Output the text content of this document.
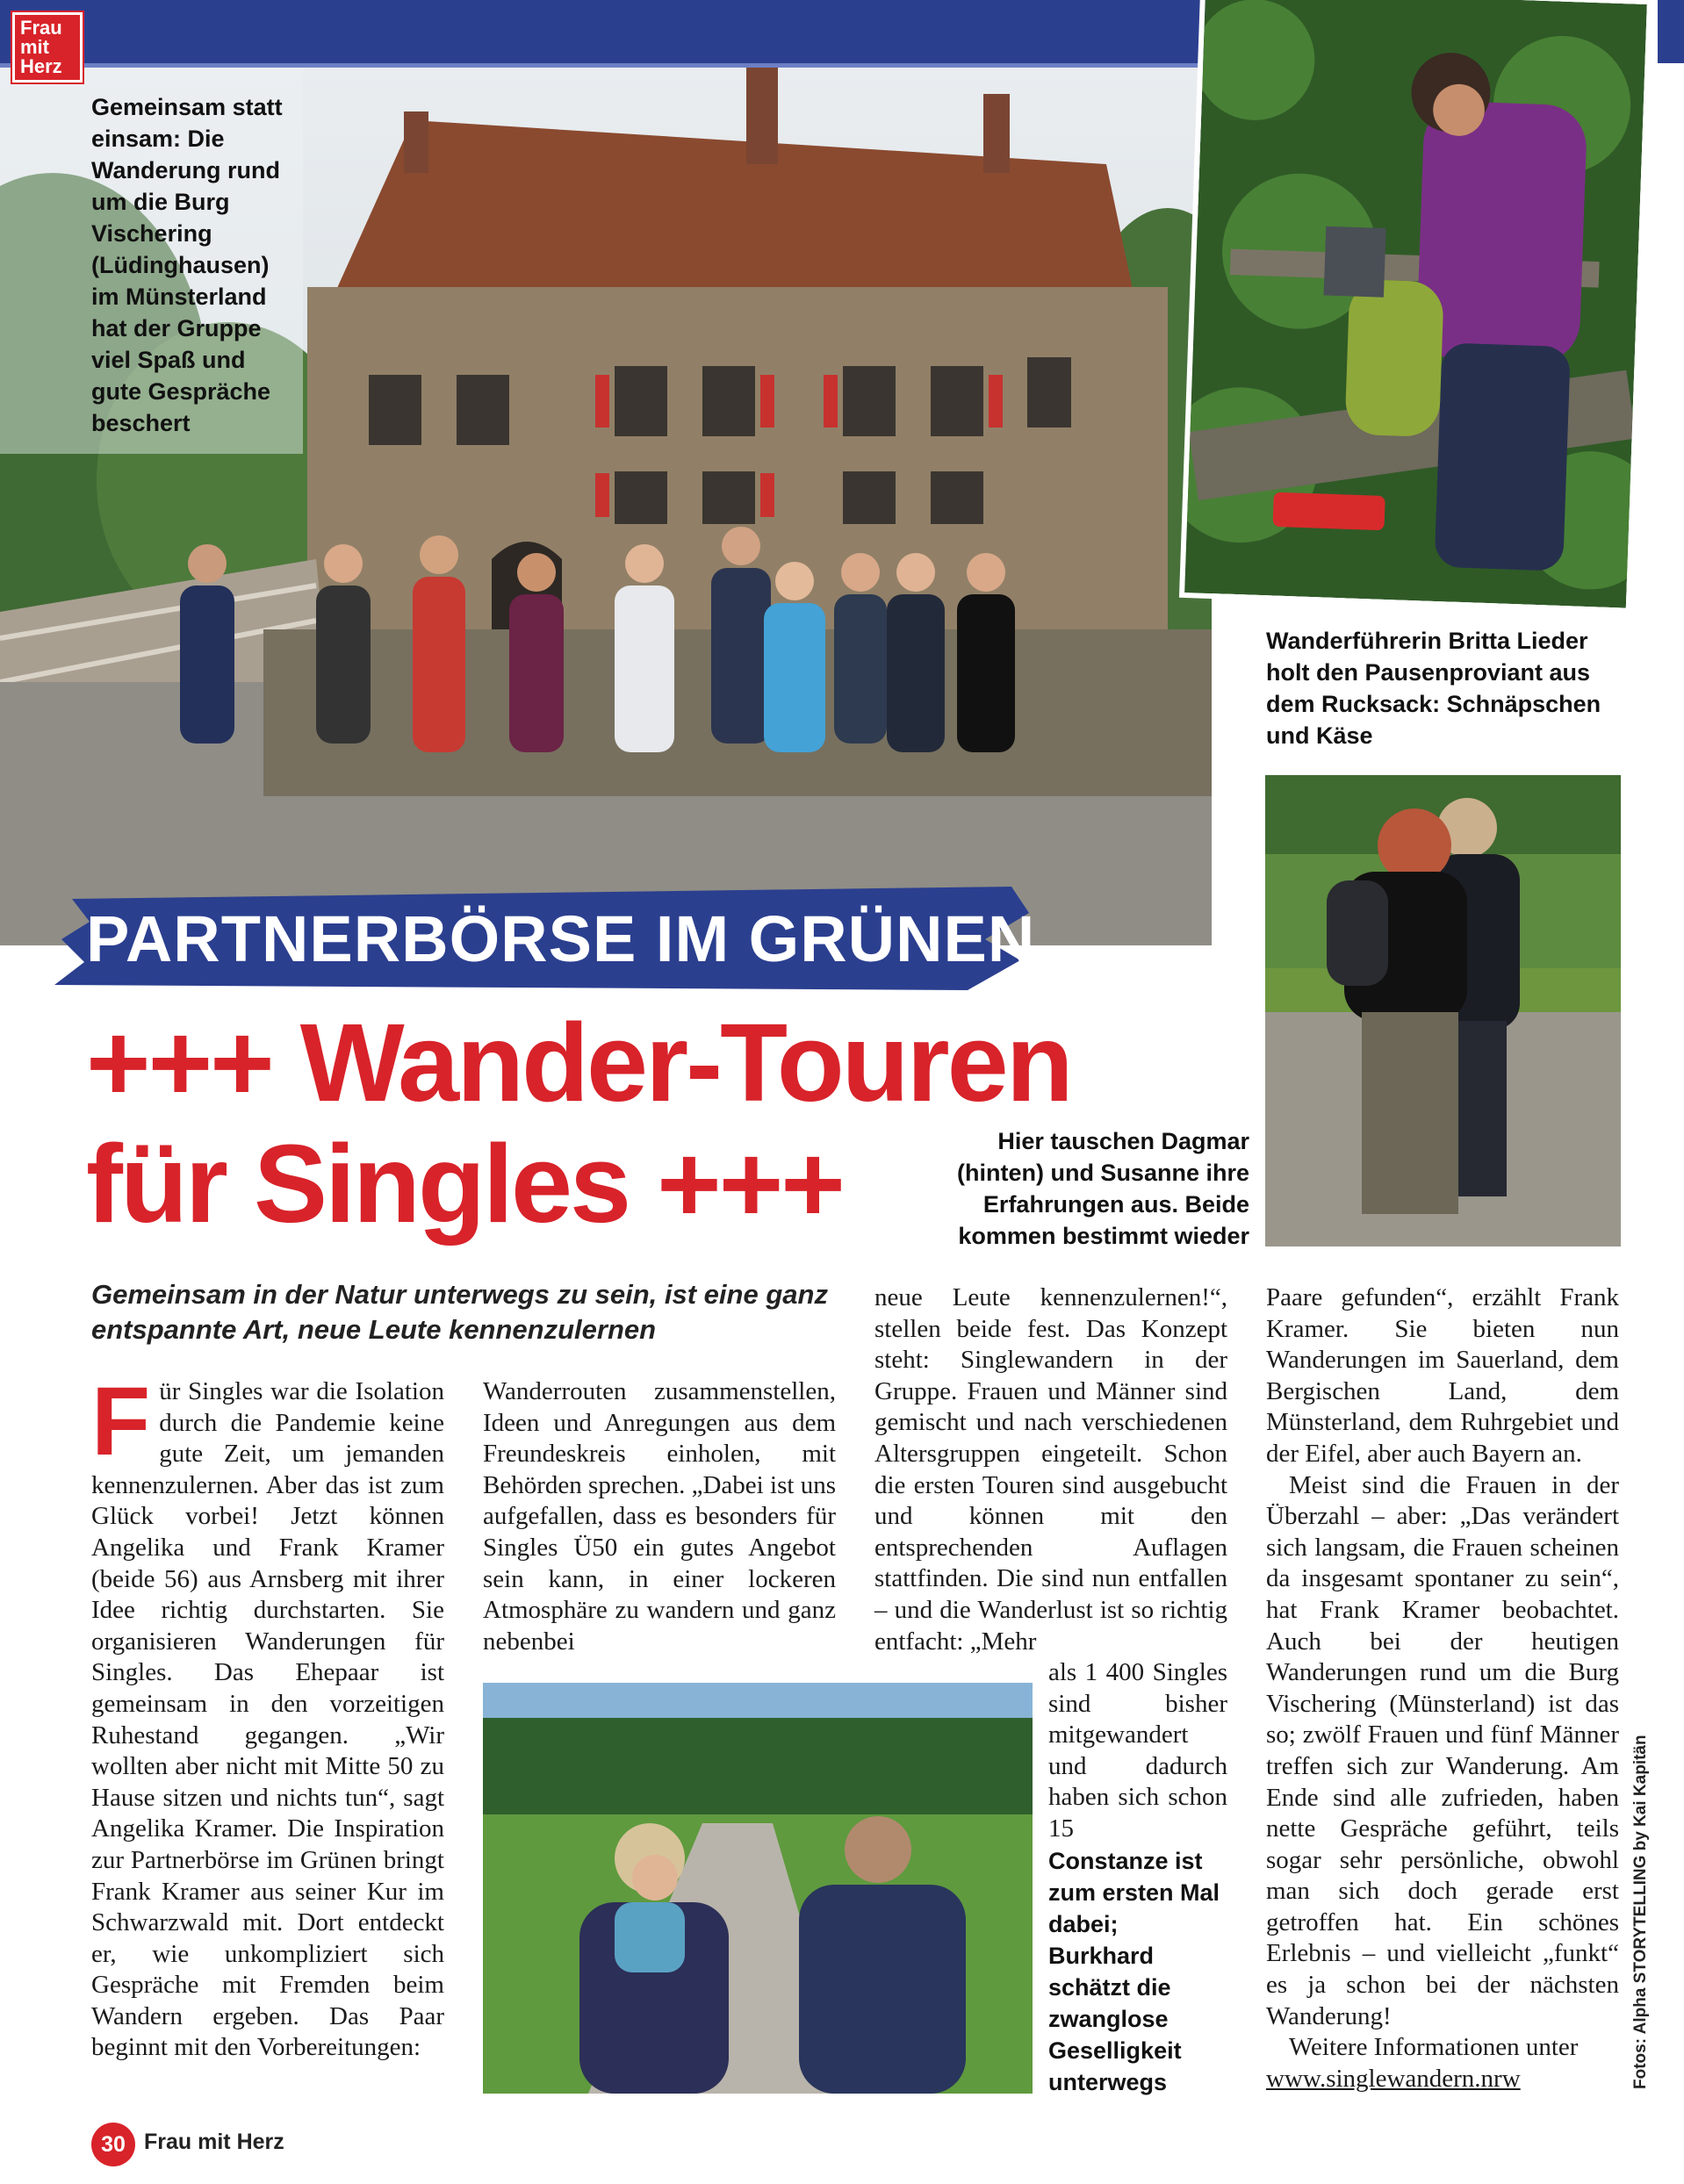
Frau
mit
Herz
Gemeinsam statt einsam: Die Wanderung rund um die Burg Vischering (Lüdinghausen) im Münsterland hat der Gruppe viel Spaß und gute Gespräche beschert
Wanderführerin Britta Lieder holt den Pausenproviant aus dem Rucksack: Schnäpschen und Käse
PARTNERBÖRSE IM GRÜNEN
+++ Wander-Touren
für Singles +++	Hier tauschen Dagmar (hinten) und Susanne ihre Erfahrungen aus. Beide kommen bestimmt wieder
Gemeinsam in der Natur unterwegs zu sein, ist eine ganz entspannte Art, neue Leute kennenzulernen
Für Singles war die Isolation durch die Pandemie keine gute Zeit, um jemanden kennenzulernen. Aber das ist zum Glück vorbei! Jetzt können Angelika und Frank Kramer (beide 56) aus Arnsberg mit ihrer Idee richtig durchstarten. Sie organisieren Wanderungen für Singles. Das Ehepaar ist gemeinsam in den vorzeitigen Ruhestand gegangen. „Wir wollten aber nicht mit Mitte 50 zu Hause sitzen und nichts tun“, sagt Angelika Kramer. Die Inspiration zur Partnerbörse im Grünen bringt Frank Kramer aus seiner Kur im Schwarzwald mit. Dort entdeckt er, wie unkompliziert sich Gespräche mit Fremden beim Wandern ergeben. Das Paar beginnt mit den Vorbereitungen:
Wanderrouten zusammenstellen, Ideen und Anregungen aus dem Freundeskreis einholen, mit Behörden sprechen. „Dabei ist uns aufgefallen, dass es besonders für Singles Ü50 ein gutes Angebot sein kann, in einer lockeren Atmosphäre zu wandern und ganz nebenbei
neue Leute kennenzulernen!“, stellen beide fest. Das Konzept steht: Singlewandern in der Gruppe. Frauen und Männer sind gemischt und nach verschiedenen Altersgruppen eingeteilt. Schon die ersten Touren sind ausgebucht und können mit den entsprechenden Auflagen stattfinden. Die sind nun entfallen – und die Wanderlust ist so richtig entfacht: „Mehr
als 1 400 Singles sind bisher mitgewandert und dadurch haben sich schon 15
Constanze ist zum ersten Mal dabei; Burkhard schätzt die zwanglose Geselligkeit unterwegs
Paare gefunden“, erzählt Frank Kramer. Sie bieten nun Wanderungen im Sauerland, dem Bergischen Land, dem Münsterland, dem Ruhrgebiet und der Eifel, aber auch Bayern an.
Meist sind die Frauen in der Überzahl – aber: „Das verändert sich langsam, die Frauen scheinen da insgesamt spontaner zu sein“, hat Frank Kramer beobachtet. Auch bei der heutigen Wanderungen rund um die Burg Vischering (Münsterland) ist das so; zwölf Frauen und fünf Männer treffen sich zur Wanderung. Am Ende sind alle zufrieden, haben nette Gespräche geführt, teils sogar sehr persönliche, obwohl man sich doch gerade erst getroffen hat. Ein schönes Erlebnis – und vielleicht „funkt“ es ja schon bei der nächsten Wanderung!
Weitere Informationen unter
www.singlewandern.nrw	Fotos: Alpha STORYTELLING by Kai Kapitän
30 Frau mit Herz
